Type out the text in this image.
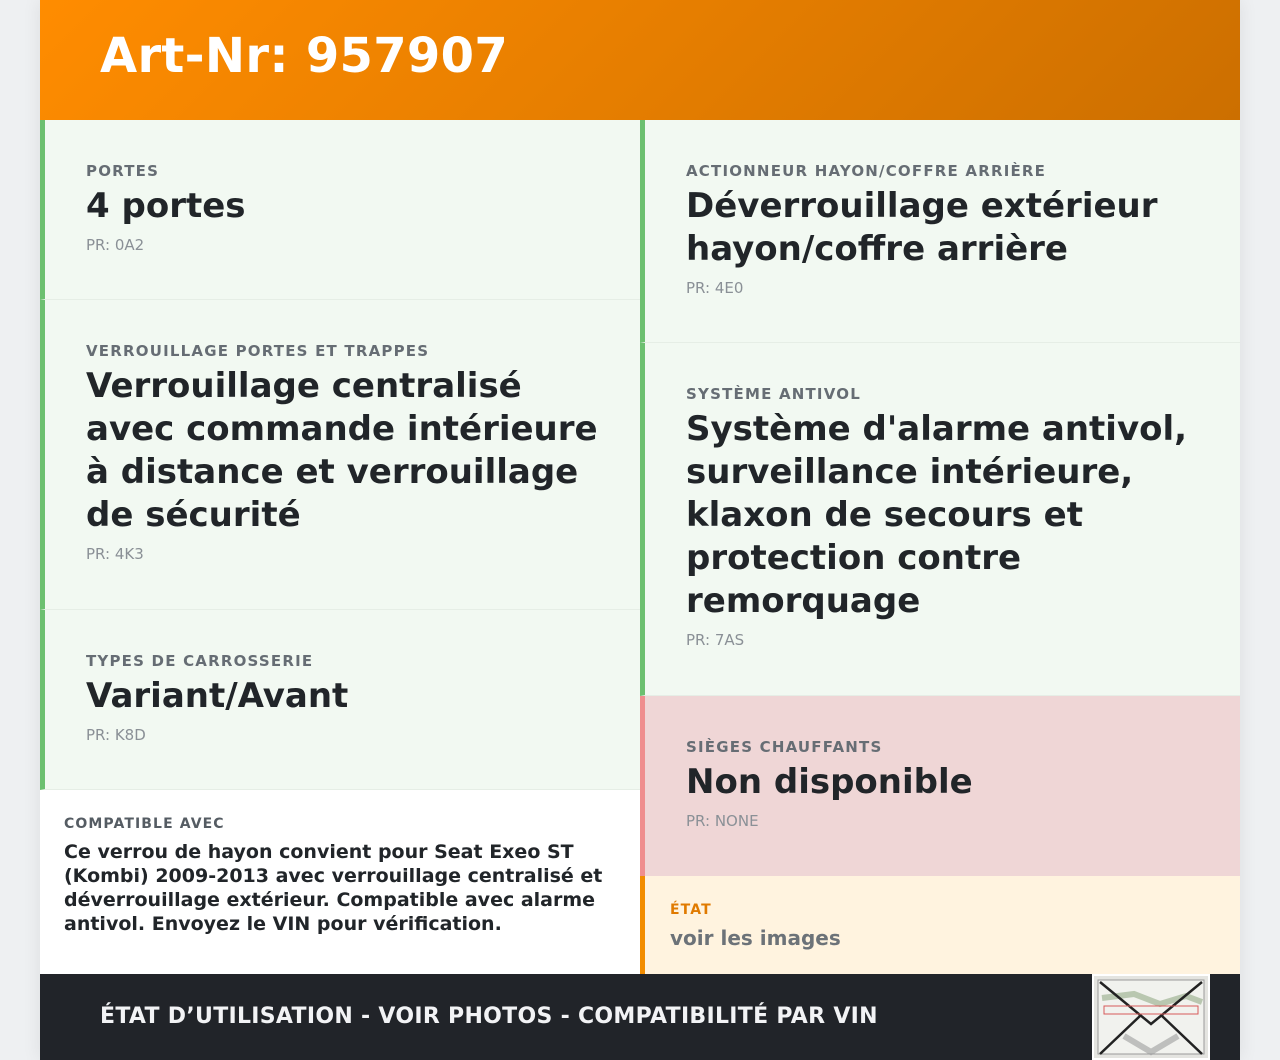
Art-Nr: 957907

PORTES

4 portes

PR: 0A2

VERROUILLAGE PORTES ET TRAPPES

Verrouillage centralisé avec commande intérieure à distance et verrouillage de sécurité

PR: 4K3

TYPES DE CARROSSERIE

Variant/Avant

PR: K8D

ACTIONNEUR HAYON/COFFRE ARRIÈRE

Déverrouillage extérieur hayon/coffre arrière

PR: 4E0

SYSTÈME ANTIVOL

Système d'alarme antivol, surveillance intérieure, klaxon de secours et protection contre remorquage

PR: 7AS

SIÈGES CHAUFFANTS

Non disponible

PR: NONE

COMPATIBLE AVEC
Ce verrou de hayon convient pour Seat Exeo ST (Kombi) 2009-2013 avec verrouillage centralisé et déverrouillage extérieur. Compatible avec alarme antivol. Envoyez le VIN pour vérification.
ÉTAT
voir les images
ÉTAT D’UTILISATION - VOIR PHOTOS - COMPATIBILITÉ PAR VIN
